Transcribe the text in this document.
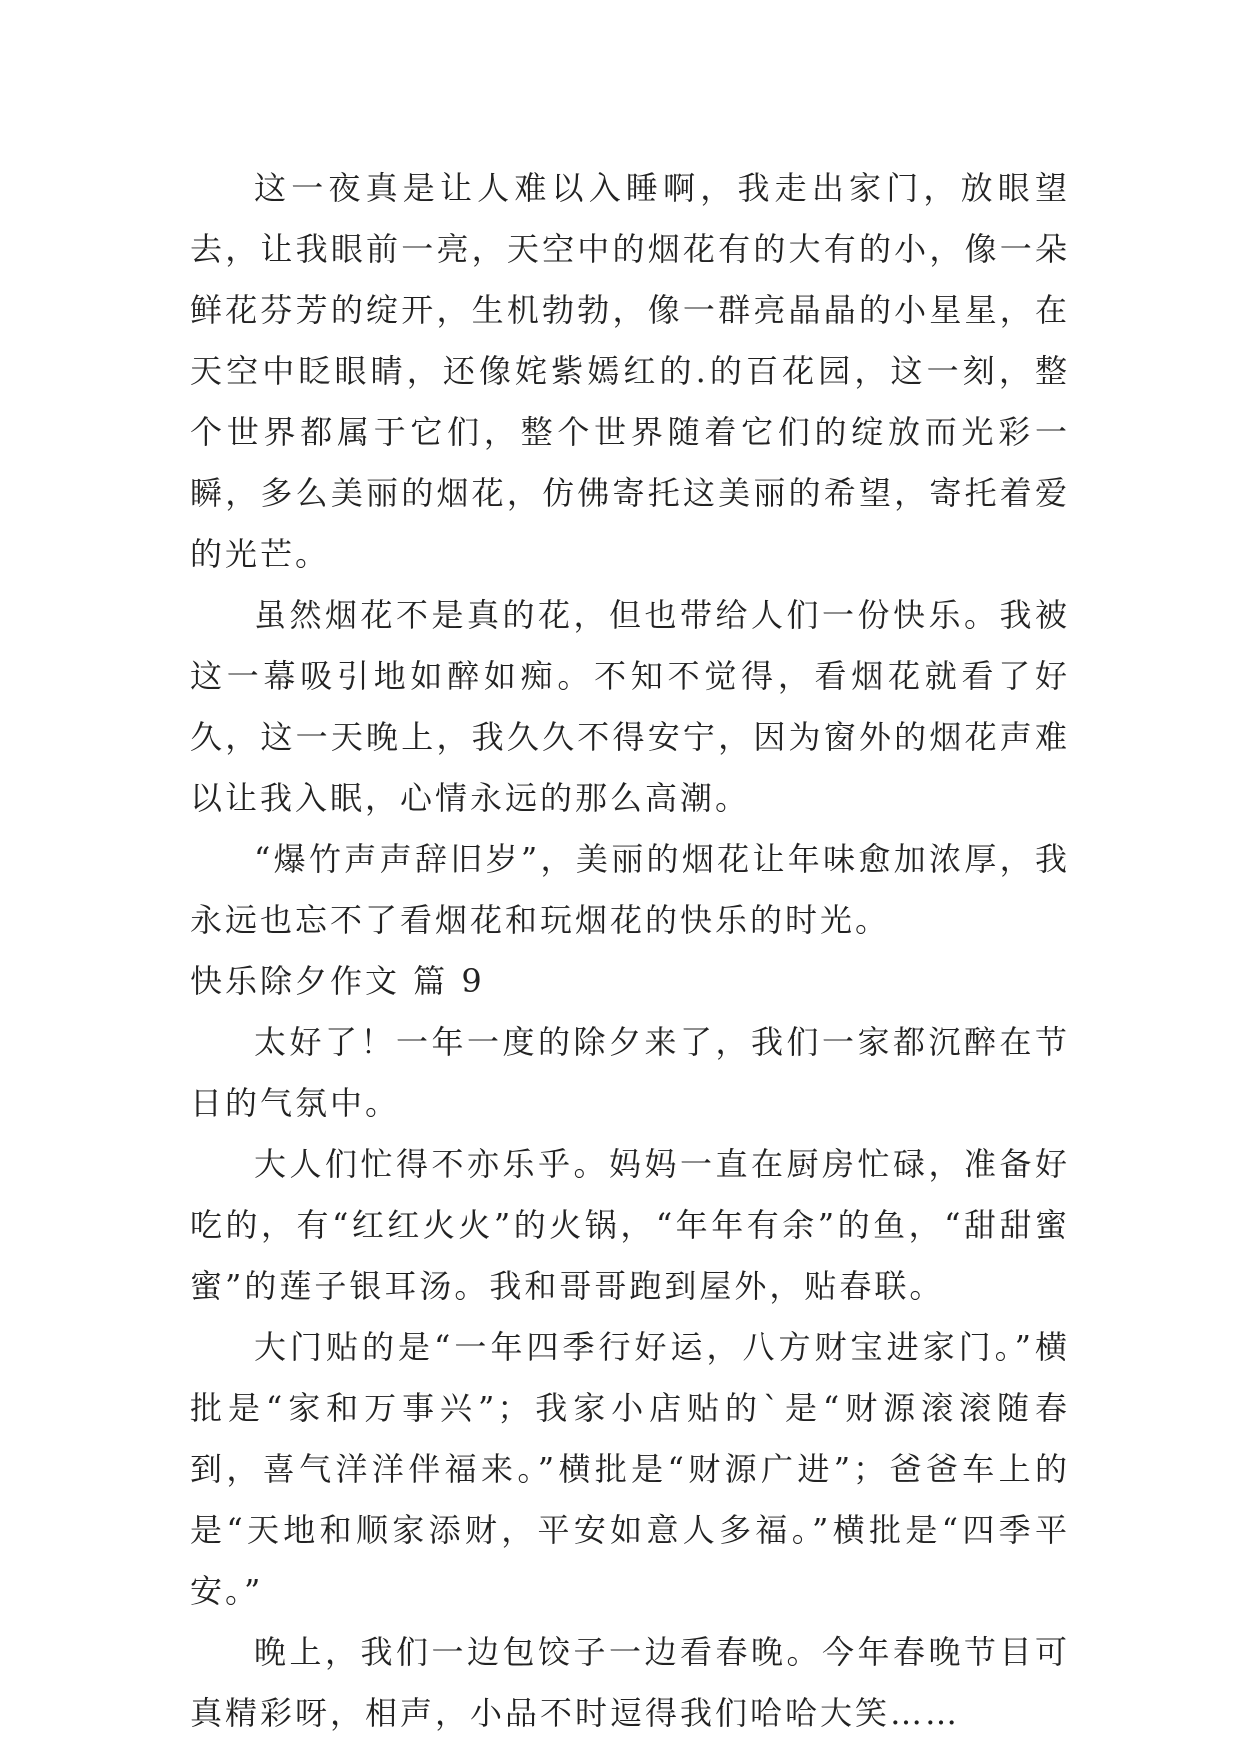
这一夜真是让人难以入睡啊，我走出家门，放眼望去，让我眼前一亮，天空中的烟花有的大有的小，像一朵鲜花芬芳的绽开，生机勃勃，像一群亮晶晶的小星星，在天空中眨眼睛，还像姹紫嫣红的.的百花园，这一刻，整个世界都属于它们，整个世界随着它们的绽放而光彩一瞬，多么美丽的烟花，仿佛寄托这美丽的希望，寄托着爱的光芒。

虽然烟花不是真的花，但也带给人们一份快乐。我被这一幕吸引地如醉如痴。不知不觉得，看烟花就看了好久，这一天晚上，我久久不得安宁，因为窗外的烟花声难以让我入眠，心情永远的那么高潮。

“爆竹声声辞旧岁”，美丽的烟花让年味愈加浓厚，我永远也忘不了看烟花和玩烟花的快乐的时光。

快乐除夕作文 篇 9

太好了！一年一度的除夕来了，我们一家都沉醉在节日的气氛中。

大人们忙得不亦乐乎。妈妈一直在厨房忙碌，准备好吃的，有“红红火火”的火锅，“年年有余”的鱼，“甜甜蜜蜜”的莲子银耳汤。我和哥哥跑到屋外，贴春联。

大门贴的是“一年四季行好运，八方财宝进家门。”横批是“家和万事兴”；我家小店贴的`是“财源滚滚随春到，喜气洋洋伴福来。”横批是“财源广进”；爸爸车上的是“天地和顺家添财，平安如意人多福。”横批是“四季平安。”

晚上，我们一边包饺子一边看春晚。今年春晚节目可真精彩呀，相声，小品不时逗得我们哈哈大笑……
